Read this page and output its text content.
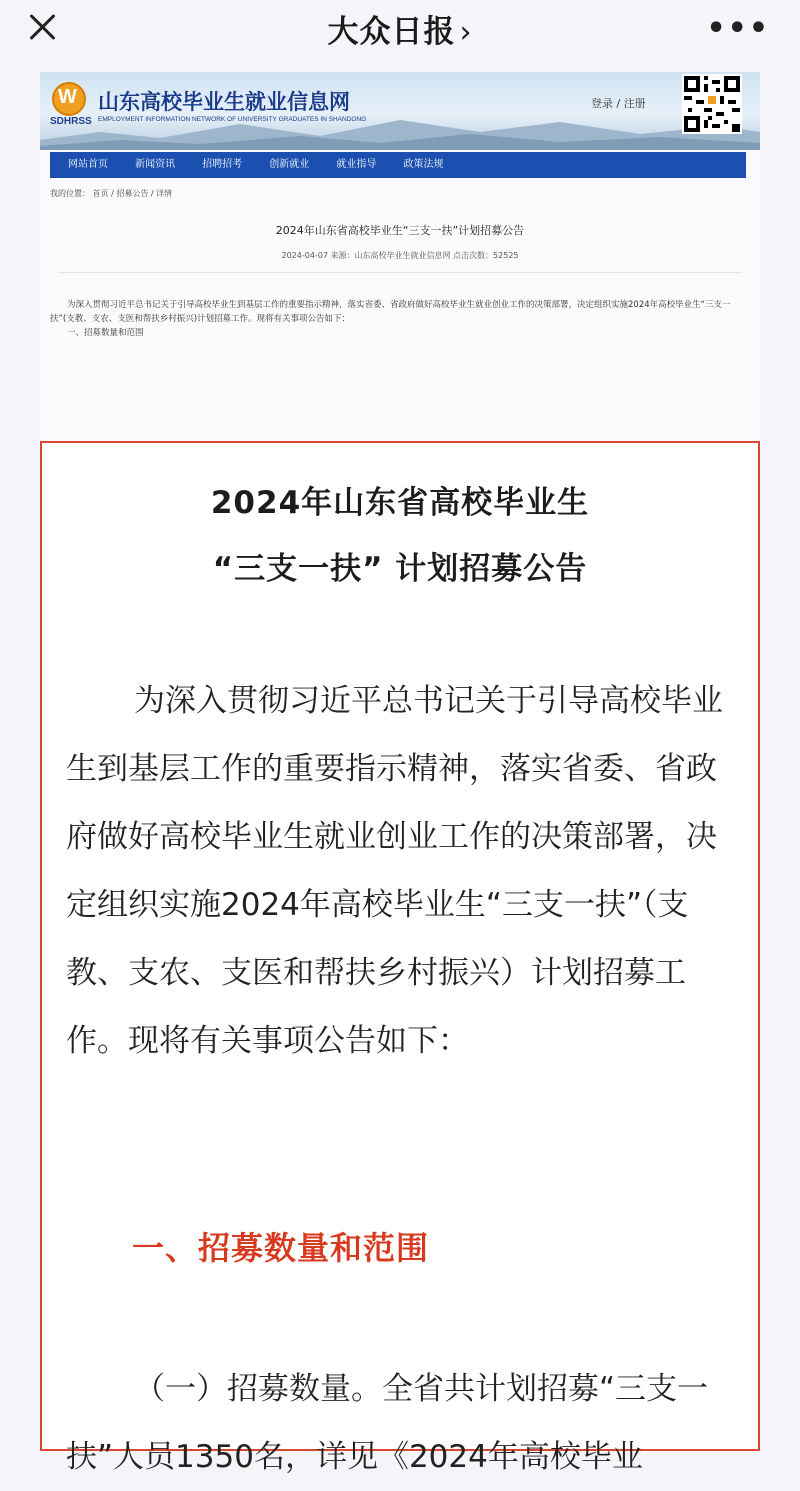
大众日报 ›	•••
W
SDHRSS
山东高校毕业生就业信息网
EMPLOYMENT INFORMATION NETWORK OF UNIVERSITY GRADUATES IN SHANDONG
登录 / 注册
网站首页	新闻资讯	招聘招考	创新就业	就业指导	政策法规
我的位置： 首页 / 招募公告 / 详情
2024年山东省高校毕业生“三支一扶”计划招募公告
2024-04-07 来源：山东高校毕业生就业信息网 点击次数：52525
为深入贯彻习近平总书记关于引导高校毕业生到基层工作的重要指示精神，落实省委、省政府做好高校毕业生就业创业工作的决策部署，决定组织实施2024年高校毕业生“三支一扶”(支教、支农、支医和帮扶乡村振兴)计划招募工作。现将有关事项公告如下：
一、招募数量和范围
2024年山东省高校毕业生
“三支一扶” 计划招募公告

为深入贯彻习近平总书记关于引导高校毕业生到基层工作的重要指示精神，落实省委、省政府做好高校毕业生就业创业工作的决策部署，决定组织实施2024年高校毕业生“三支一扶”（支教、支农、支医和帮扶乡村振兴）计划招募工作。现将有关事项公告如下：

一、招募数量和范围
（一）招募数量。全省共计划招募“三支一扶”人员1350名，详见《2024年高校毕业
